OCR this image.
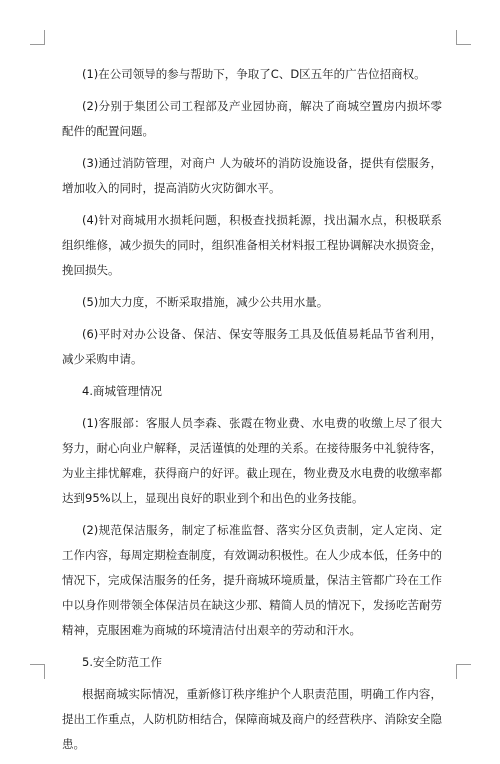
(1)在公司领导的参与帮助下，争取了C、D区五年的广告位招商权。

(2)分别于集团公司工程部及产业园协商，解决了商城空置房内损坏零配件的配置问题。

(3)通过消防管理，对商户 人为破坏的消防设施设备，提供有偿服务，增加收入的同时，提高消防火灾防御水平。

(4)针对商城用水损耗问题，积极查找损耗源，找出漏水点，积极联系组织维修，减少损失的同时，组织准备相关材料报工程协调解决水损资金，挽回损失。

(5)加大力度，不断采取措施，减少公共用水量。

(6)平时对办公设备、保洁、保安等服务工具及低值易耗品节省利用，减少采购申请。

4.商城管理情况

(1)客服部：客服人员李森、张霞在物业费、水电费的收缴上尽了很大努力，耐心向业户解释，灵活谨慎的处理的关系。在接待服务中礼貌待客，为业主排忧解难，获得商户的好评。截止现在，物业费及水电费的收缴率都达到95%以上，显现出良好的职业到个和出色的业务技能。

(2)规范保洁服务，制定了标准监督、落实分区负责制，定人定岗、定工作内容，每周定期检查制度，有效调动积极性。在人少成本低，任务中的情况下，完成保洁服务的任务，提升商城环境质量，保洁主管都广玲在工作中以身作则带领全体保洁员在缺这少那、精简人员的情况下，发扬吃苦耐劳精神，克服困难为商城的环境清洁付出艰辛的劳动和汗水。

5.安全防范工作

根据商城实际情况，重新修订秩序维护个人职责范围，明确工作内容，提出工作重点，人防机防相结合，保障商城及商户的经营秩序、消除安全隐患。
